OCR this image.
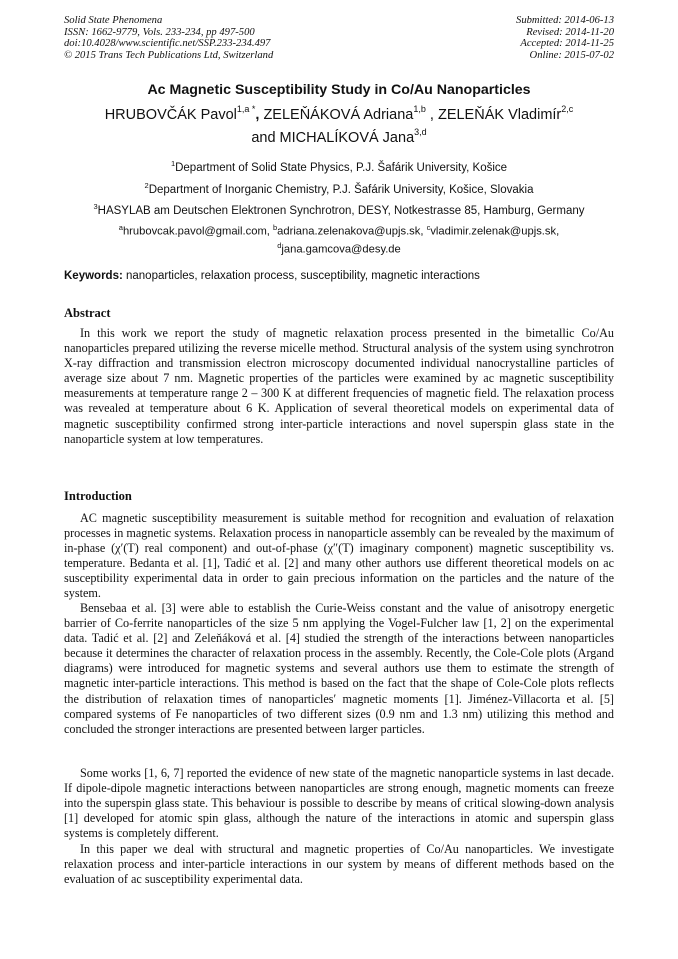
Solid State Phenomena
ISSN: 1662-9779, Vols. 233-234, pp 497-500
doi:10.4028/www.scientific.net/SSP.233-234.497
© 2015 Trans Tech Publications Ltd, Switzerland
Submitted: 2014-06-13
Revised: 2014-11-20
Accepted: 2014-11-25
Online: 2015-07-02
Ac Magnetic Susceptibility Study in Co/Au Nanoparticles
HRUBOVČÁK Pavol$^{1,a *}$, ZELEŇÁKOVÁ Adriana$^{1,b}$ , ZELEŇÁK Vladimír$^{2,c}$
and MICHALÍKOVÁ Jana$^{3,d}$
$^1$Department of Solid State Physics, P.J. Šafárik University, Košice
$^2$Department of Inorganic Chemistry, P.J. Šafárik University, Košice, Slovakia
$^3$HASYLAB am Deutschen Elektronen Synchrotron, DESY, Notkestrasse 85, Hamburg, Germany
$^a$hrubovcak.pavol@gmail.com, $^b$adriana.zelenakova@upjs.sk, $^c$vladimir.zelenak@upjs.sk,
$^d$jana.gamcova@desy.de
Keywords: nanoparticles, relaxation process, susceptibility, magnetic interactions
Abstract
In this work we report the study of magnetic relaxation process presented in the bimetallic Co/Au nanoparticles prepared utilizing the reverse micelle method. Structural analysis of the system using synchrotron X-ray diffraction and transmission electron microscopy documented individual nanocrystalline particles of average size about 7 nm. Magnetic properties of the particles were examined by ac magnetic susceptibility measurements at temperature range 2 – 300 K at different frequencies of magnetic field. The relaxation process was revealed at temperature about 6 K. Application of several theoretical models on experimental data of magnetic susceptibility confirmed strong inter-particle interactions and novel superspin glass state in the nanoparticle system at low temperatures.
Introduction
AC magnetic susceptibility measurement is suitable method for recognition and evaluation of relaxation processes in magnetic systems. Relaxation process in nanoparticle assembly can be revealed by the maximum of in-phase (χ′(T) real component) and out-of-phase (χ″(T) imaginary component) magnetic susceptibility vs. temperature. Bedanta et al. [1], Tadić et al. [2] and many other authors use different theoretical models on ac susceptibility experimental data in order to gain precious information on the particles and the nature of the system.
Bensebaa et al. [3] were able to establish the Curie-Weiss constant and the value of anisotropy energetic barrier of Co-ferrite nanoparticles of the size 5 nm applying the Vogel-Fulcher law [1, 2] on the experimental data. Tadić et al. [2] and Zeleňáková et al. [4] studied the strength of the interactions between nanoparticles because it determines the character of relaxation process in the assembly. Recently, the Cole-Cole plots (Argand diagrams) were introduced for magnetic systems and several authors use them to estimate the strength of magnetic inter-particle interactions. This method is based on the fact that the shape of Cole-Cole plots reflects the distribution of relaxation times of nanoparticles′ magnetic moments [1]. Jiménez-Villacorta et al. [5] compared systems of Fe nanoparticles of two different sizes (0.9 nm and 1.3 nm) utilizing this method and concluded the stronger interactions are presented between larger particles.
Some works [1, 6, 7] reported the evidence of new state of the magnetic nanoparticle systems in last decade. If dipole-dipole magnetic interactions between nanoparticles are strong enough, magnetic moments can freeze into the superspin glass state. This behaviour is possible to describe by means of critical slowing-down analysis [1] developed for atomic spin glass, although the nature of the interactions in atomic and superspin glass systems is completely different.
In this paper we deal with structural and magnetic properties of Co/Au nanoparticles. We investigate relaxation process and inter-particle interactions in our system by means of different methods based on the evaluation of ac susceptibility experimental data.
